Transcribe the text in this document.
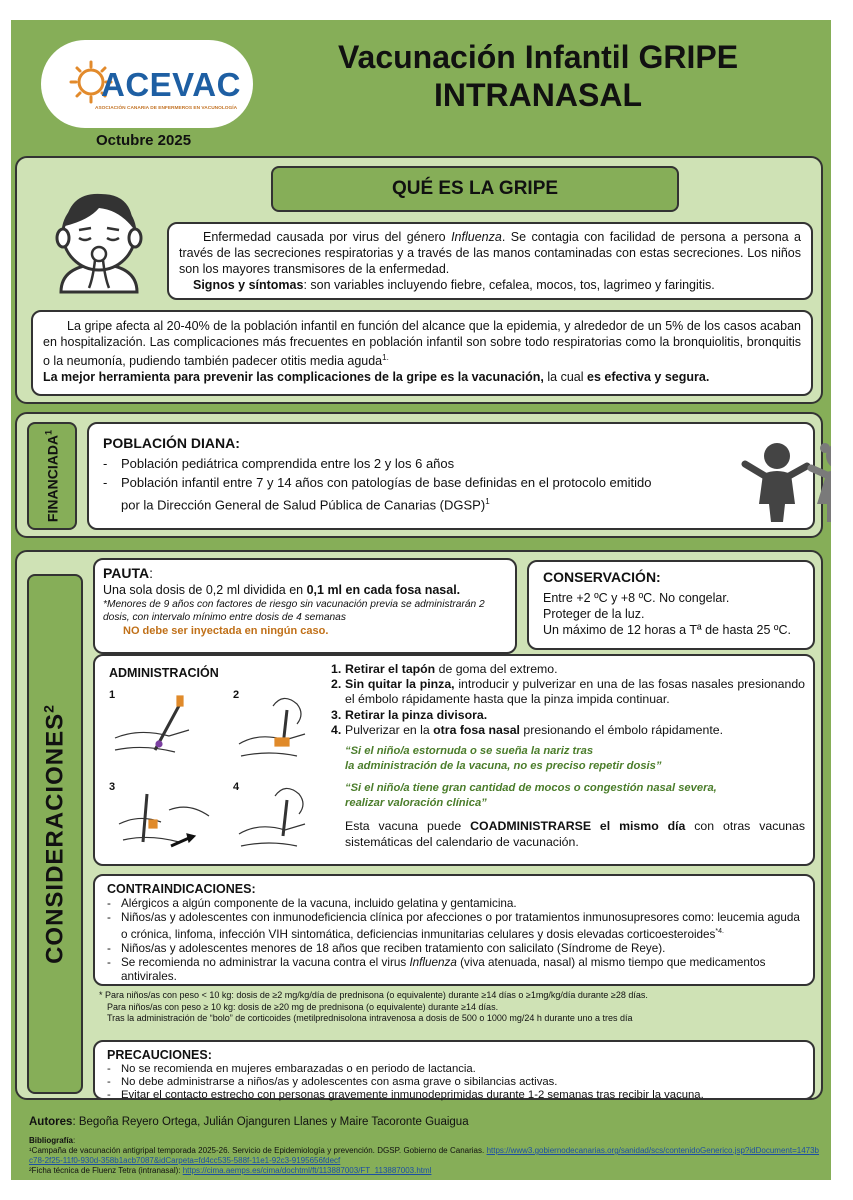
ACEVAC
ASOCIACIÓN CANARIA DE ENFERMEROS EN VACUNOLOGÍA
Octubre 2025
Vacunación Infantil GRIPE
INTRANASAL
QUÉ ES LA GRIPE
Enfermedad causada por virus del género Influenza. Se contagia con facilidad de persona a persona a través de las secreciones respiratorias y a través de las manos contaminadas con estas secreciones. Los niños son los mayores transmisores de la enfermedad.
Signos y síntomas: son variables incluyendo fiebre, cefalea, mocos, tos, lagrimeo y faringitis.
La gripe afecta al 20-40% de la población infantil en función del alcance que la epidemia, y alrededor de un 5% de los casos acaban en hospitalización. Las complicaciones más frecuentes en población infantil son sobre todo respiratorias como la bronquiolitis, bronquitis o la neumonía, pudiendo también padecer otitis media aguda$^{1.}$
La mejor herramienta para prevenir las complicaciones de la gripe es la vacunación, la cual es efectiva y segura.
FINANCIADA$^1$
POBLACIÓN DIANA:
-	Población pediátrica comprendida entre los 2 y los 6 años
-	Población infantil entre 7 y 14 años con patologías de base definidas en el protocolo emitido por la Dirección General de Salud Pública de Canarias (DGSP)$^1$
CONSIDERACIONES$^2$
PAUTA:
Una sola dosis de 0,2 ml dividida en 0,1 ml en cada fosa nasal.
*Menores de 9 años con factores de riesgo sin vacunación previa se administrarán 2 dosis, con intervalo mínimo entre dosis de 4 semanas
NO debe ser inyectada en ningún caso.
CONSERVACIÓN:
Entre +2 ºC y +8 ºC. No congelar.
Proteger de la luz.
Un máximo de 12 horas a Tª de hasta 25 ºC.
ADMINISTRACIÓN
1	2
3	4
1. Retirar el tapón de goma del extremo.
2. Sin quitar la pinza, introducir y pulverizar en una de las fosas nasales presionando el émbolo rápidamente hasta que la pinza impida continuar.
3. Retirar la pinza divisora.
4. Pulverizar en la otra fosa nasal presionando el émbolo rápidamente.
“Si el niño/a estornuda o se sueña la nariz tras
la administración de la vacuna, no es preciso repetir dosis”
“Si el niño/a tiene gran cantidad de mocos o congestión nasal severa,
realizar valoración clínica”
Esta vacuna puede COADMINISTRARSE el mismo día con otras vacunas sistemáticas del calendario de vacunación.
CONTRAINDICACIONES:
- Alérgicos a algún componente de la vacuna, incluido gelatina y gentamicina.
- Niños/as y adolescentes con inmunodeficiencia clínica por afecciones o por tratamientos inmunosupresores como: leucemia aguda o crónica, linfoma, infección VIH sintomática, deficiencias inmunitarias celulares y dosis elevadas corticoesteroides$^{*4.}$
- Niños/as y adolescentes menores de 18 años que reciben tratamiento con salicilato (Síndrome de Reye).
- Se recomienda no administrar la vacuna contra el virus Influenza (viva atenuada, nasal) al mismo tiempo que medicamentos antivirales.
* Para niños/as con peso < 10 kg: dosis de ≥2 mg/kg/día de prednisona (o equivalente) durante ≥14 días o ≥1mg/kg/día durante ≥28 días.
Para niños/as con peso ≥ 10 kg: dosis de ≥20 mg de prednisona (o equivalente) durante ≥14 días.
Tras la administración de “bolo” de corticoides (metilprednisolona intravenosa a dosis de 500 o 1000 mg/24 h durante uno a tres día
PRECAUCIONES:
- No se recomienda en mujeres embarazadas o en periodo de lactancia.
- No debe administrarse a niños/as y adolescentes con asma grave o sibilancias activas.
- Evitar el contacto estrecho con personas gravemente inmunodeprimidas durante 1-2 semanas tras recibir la vacuna.
Autores: Begoña Reyero Ortega, Julián Ojanguren Llanes y Maire Tacoronte Guaigua
Bibliografía:
¹Campaña de vacunación antigripal temporada 2025-26. Servicio de Epidemiología y prevención. DGSP. Gobierno de Canarias. https://www3.gobiernodecanarias.org/sanidad/scs/contenidoGenerico.jsp?idDocument=1473bc78-2f25-11f0-930d-358b1acb7087&idCarpeta=fd4cc535-588f-11e1-92c3-9195656fdecf
²Ficha técnica de Fluenz Tetra (intranasal): https://cima.aemps.es/cima/dochtml/ft/113887003/FT_113887003.html
